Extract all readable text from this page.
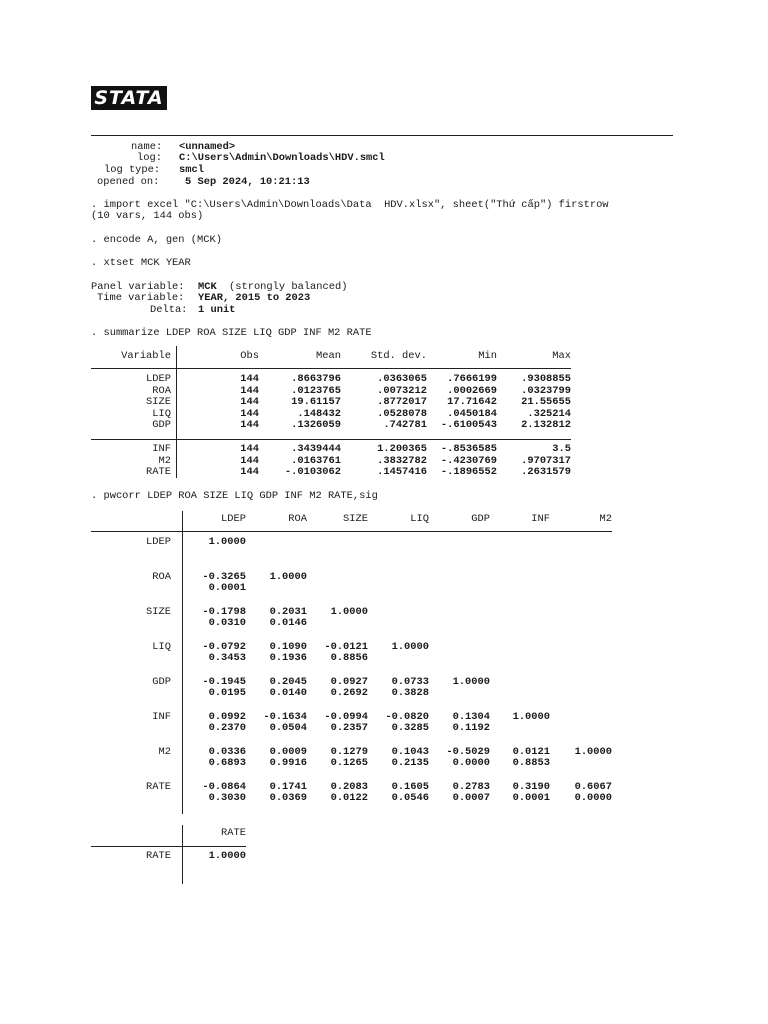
STATA
name: <unnamed>
log: C:\Users\Admin\Downloads\HDV.smcl
log type: smcl
opened on: 5 Sep 2024, 10:21:13
. import excel "C:\Users\Admin\Downloads\Data  HDV.xlsx", sheet("Thứ cấp") firstrow
(10 vars, 144 obs)
. encode A, gen (MCK)
. xtset MCK YEAR
Panel variable: MCK (strongly balanced)
Time variable: YEAR, 2015 to 2023
Delta: 1 unit
. summarize LDEP ROA SIZE LIQ GDP INF M2 RATE
Variable	Obs	Mean	Std. dev.	Min	Max
LDEP	144	.8663796	.0363065	.7666199	.9308855
ROA	144	.0123765	.0073212	.0002669	.0323799
SIZE	144	19.61157	.8772017	17.71642	21.55655
LIQ	144	.148432	.0528078	.0450184	.325214
GDP	144	.1326059	.742781	-.6100543	2.132812
INF	144	.3439444	1.200365	-.8536585	3.5
M2	144	.0163761	.3832782	-.4230769	.9707317
RATE	144	-.0103062	.1457416	-.1896552	.2631579
. pwcorr LDEP ROA SIZE LIQ GDP INF M2 RATE,sig
LDEP	ROA	SIZE	LIQ	GDP	INF	M2
LDEP	1.0000
ROA	-0.3265	1.0000
0.0001
SIZE	-0.1798	0.2031	1.0000
0.0310	0.0146
LIQ	-0.0792	0.1090	-0.0121	1.0000
0.3453	0.1936	0.8856
GDP	-0.1945	0.2045	0.0927	0.0733	1.0000
0.0195	0.0140	0.2692	0.3828
INF	0.0992	-0.1634	-0.0994	-0.0820	0.1304	1.0000
0.2370	0.0504	0.2357	0.3285	0.1192
M2	0.0336	0.0009	0.1279	0.1043	-0.5029	0.0121	1.0000
0.6893	0.9916	0.1265	0.2135	0.0000	0.8853
RATE	-0.0864	0.1741	0.2083	0.1605	0.2783	0.3190	0.6067
0.3030	0.0369	0.0122	0.0546	0.0007	0.0001	0.0000
RATE
RATE	1.0000
